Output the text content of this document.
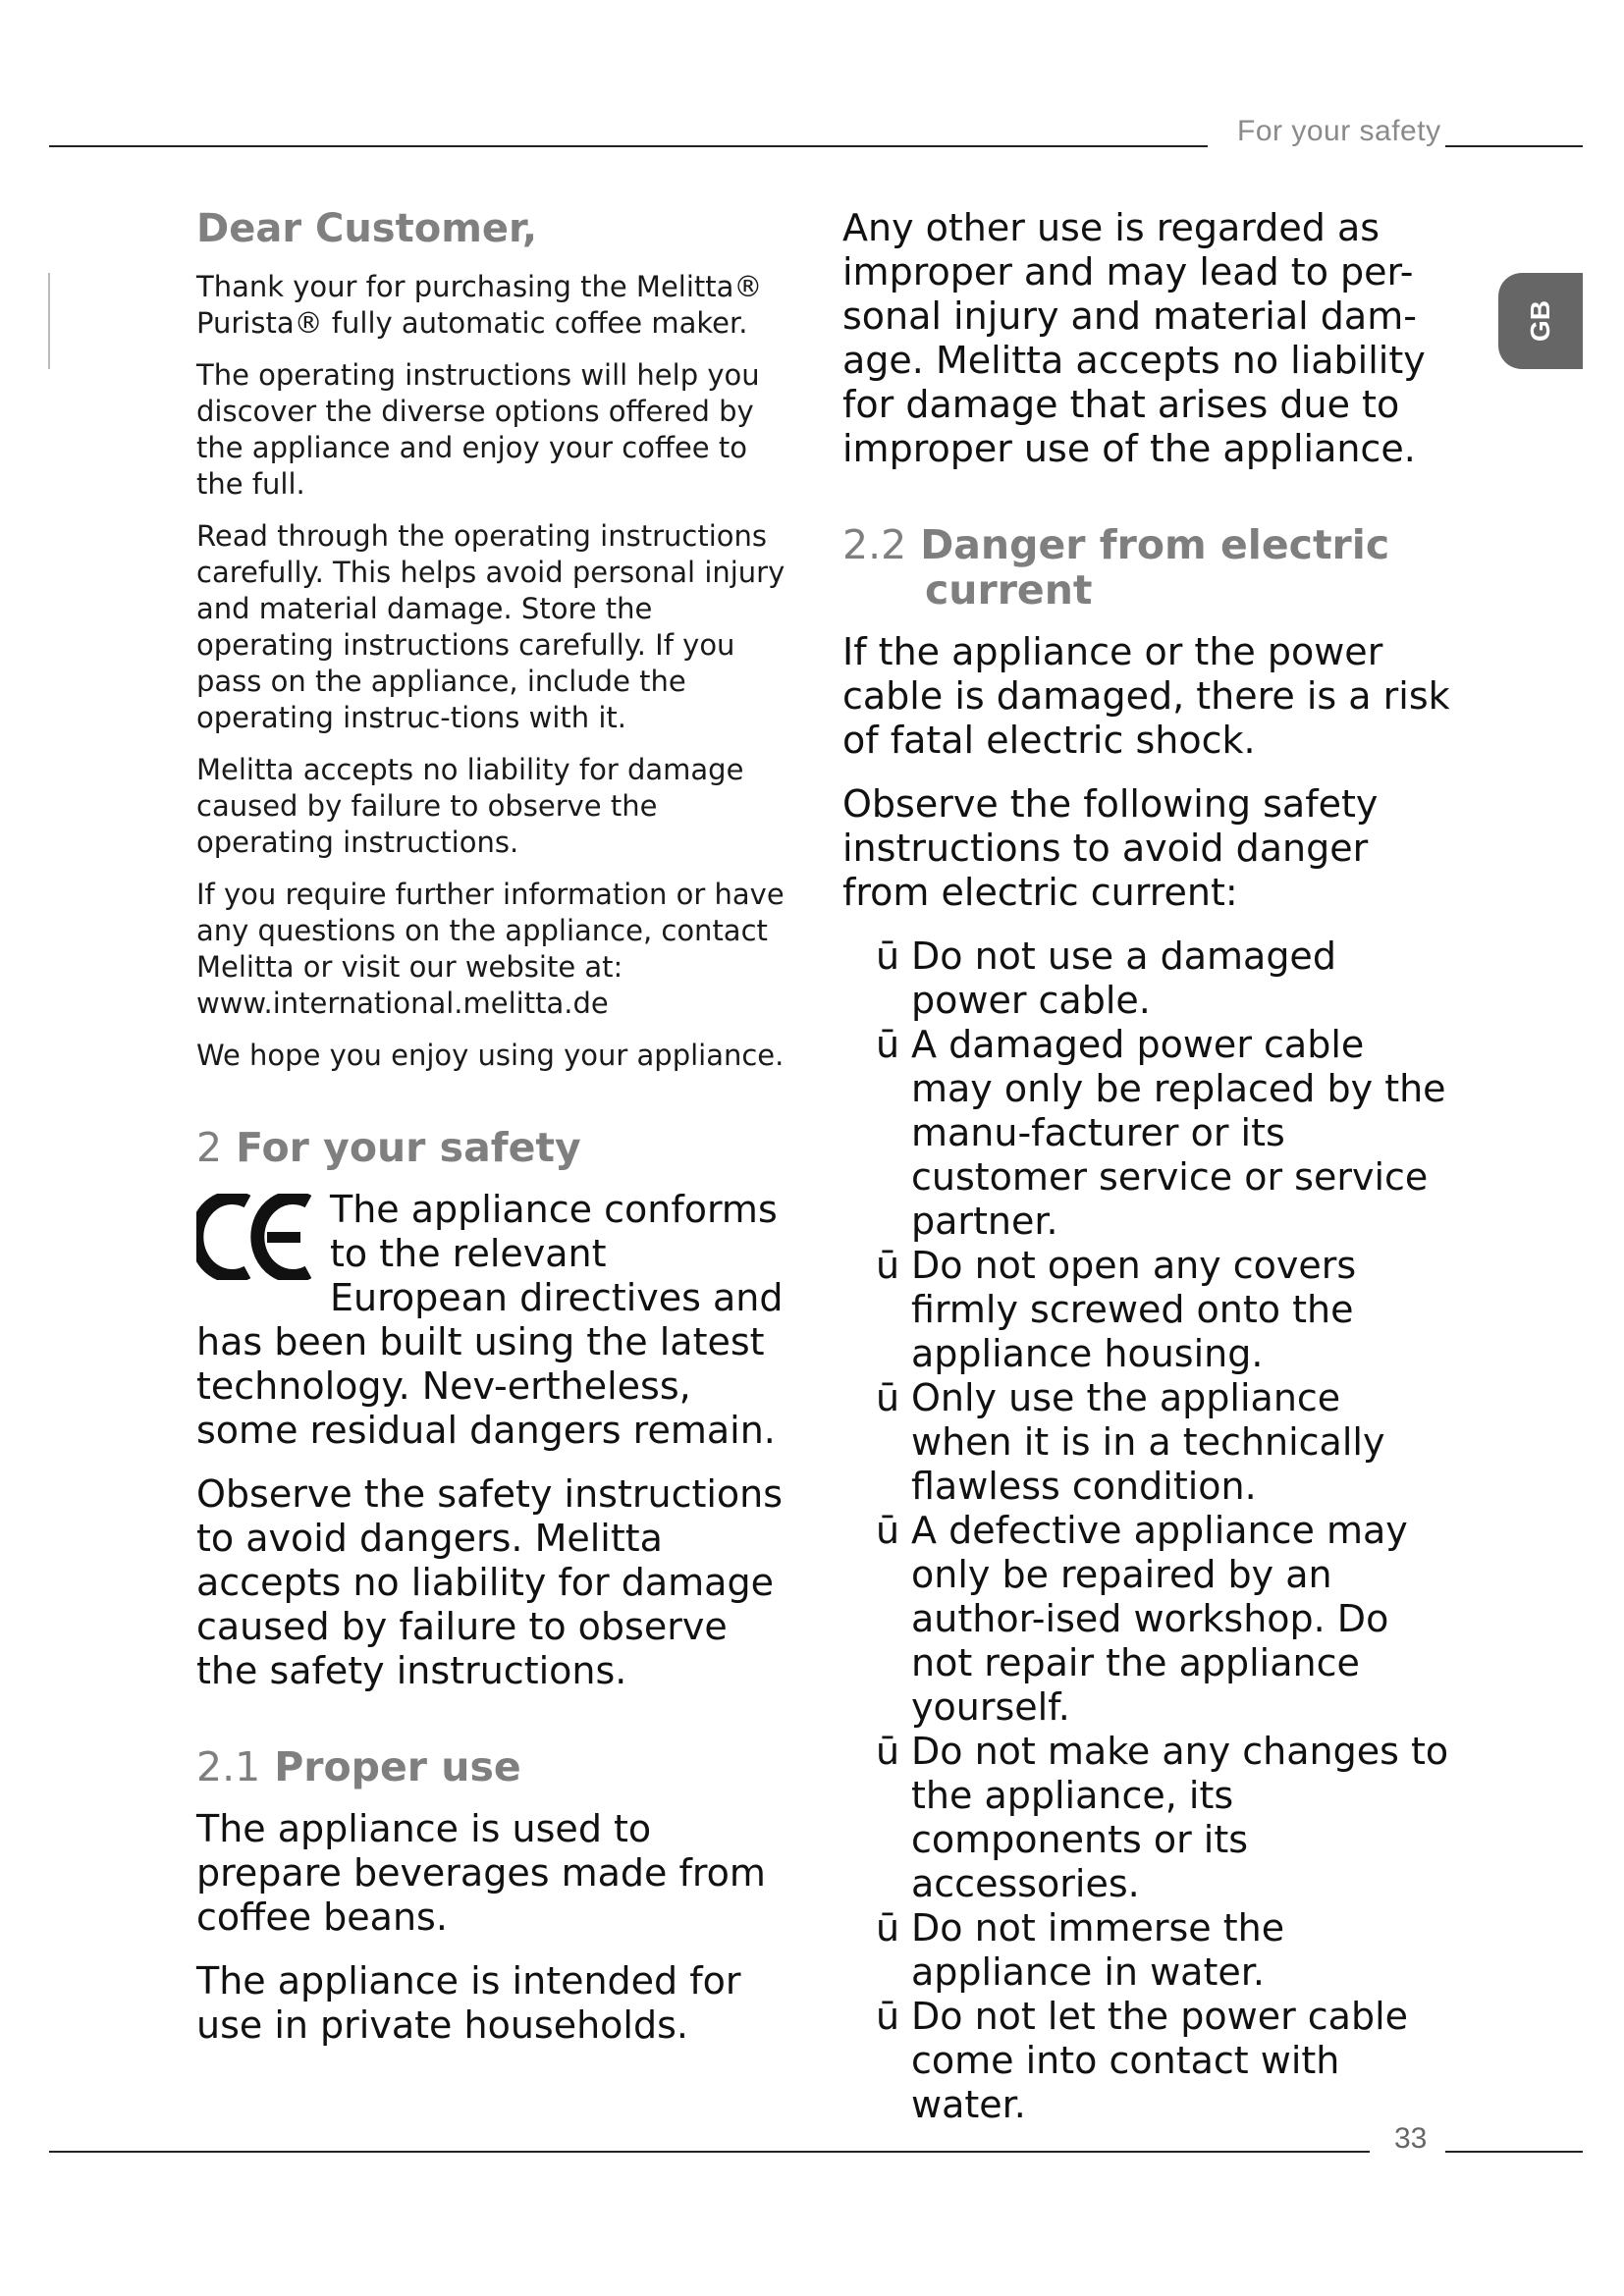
For your safety
33
GB
Dear Customer,

Thank your for purchasing the Melitta® Purista® fully automatic coffee maker.

The operating instructions will help you discover the diverse options offered by the appliance and enjoy your coffee to the full.

Read through the operating instructions carefully. This helps avoid personal injury and material damage. Store the operating instructions carefully. If you pass on the appliance, include the operating instruc-tions with it.

Melitta accepts no liability for damage caused by failure to observe the operating instructions.

If you require further information or have any questions on the appliance, contact Melitta or visit our website at: www.international.melitta.de

We hope you enjoy using your appliance.

2 For your safety

The appliance conforms to the relevant European directives and has been built using the latest technology. Nev-ertheless, some residual dangers remain.

Observe the safety instructions to avoid dangers. Melitta accepts no liability for damage caused by failure to observe the safety instructions.

2.1 Proper use

The appliance is used to prepare beverages made from coffee beans.

The appliance is intended for use in private households.

Any other use is regarded as improper and may lead to per-sonal injury and material dam-age. Melitta accepts no liability for damage that arises due to improper use of the appliance.

2.2 Danger from electric
current

If the appliance or the power cable is damaged, there is a risk of fatal electric shock.

Observe the following safety instructions to avoid danger from electric current:

ū Do not use a damaged power cable.
ū A damaged power cable may only be replaced by the manu-facturer or its customer service or service partner.
ū Do not open any covers firmly screwed onto the appliance housing.
ū Only use the appliance when it is in a technically flawless condition.
ū A defective appliance may only be repaired by an author-ised workshop. Do not repair the appliance yourself.
ū Do not make any changes to the appliance, its components or its accessories.
ū Do not immerse the appliance in water.
ū Do not let the power cable come into contact with water.
